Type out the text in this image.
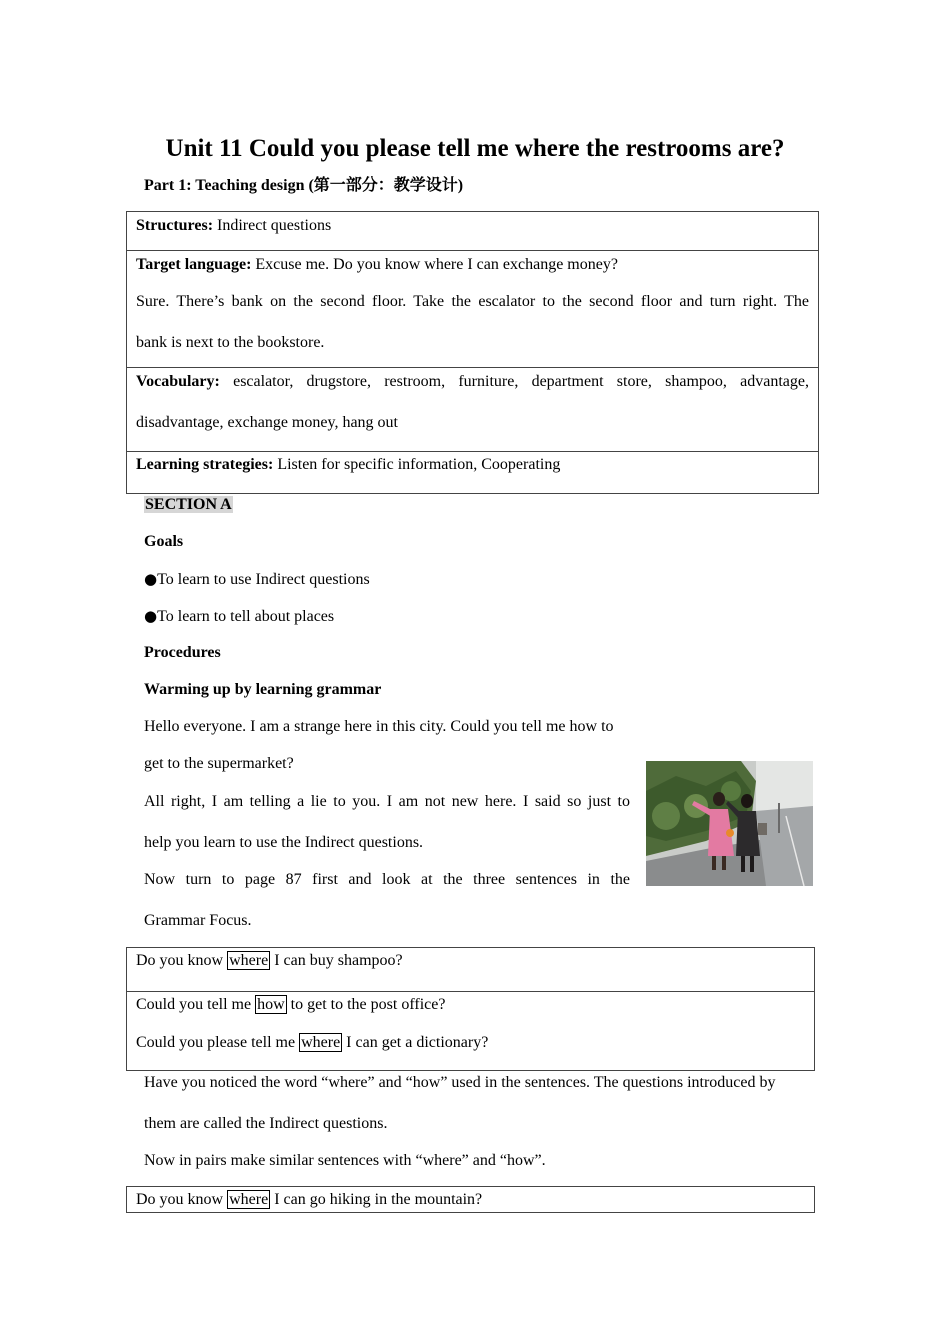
Unit 11 Could you please tell me where the restrooms are?
Part 1: Teaching design (第一部分：教学设计)
Structures: Indirect questions
Target language: Excuse me. Do you know where I can exchange money?
Sure. There’s bank on the second floor. Take the escalator to the second floor and turn right. The
bank is next to the bookstore.
Vocabulary: escalator, drugstore, restroom, furniture, department store, shampoo, advantage,
disadvantage, exchange money, hang out
Learning strategies: Listen for specific information, Cooperating
SECTION A
Goals
●To learn to use Indirect questions
●To learn to tell about places
Procedures
Warming up by learning grammar
Hello everyone. I am a strange here in this city. Could you tell me how to
get to the supermarket?
All right, I am telling a lie to you. I am not new here. I said so just to
help you learn to use the Indirect questions.
Now turn to page 87 first and look at the three sentences in the
Grammar Focus.
Do you know where I can buy shampoo?
Could you tell me how to get to the post office?
Could you please tell me where I can get a dictionary?
Have you noticed the word “where” and “how” used in the sentences. The questions introduced by
them are called the Indirect questions.
Now in pairs make similar sentences with “where” and “how”.
Do you know where I can go hiking in the mountain?
